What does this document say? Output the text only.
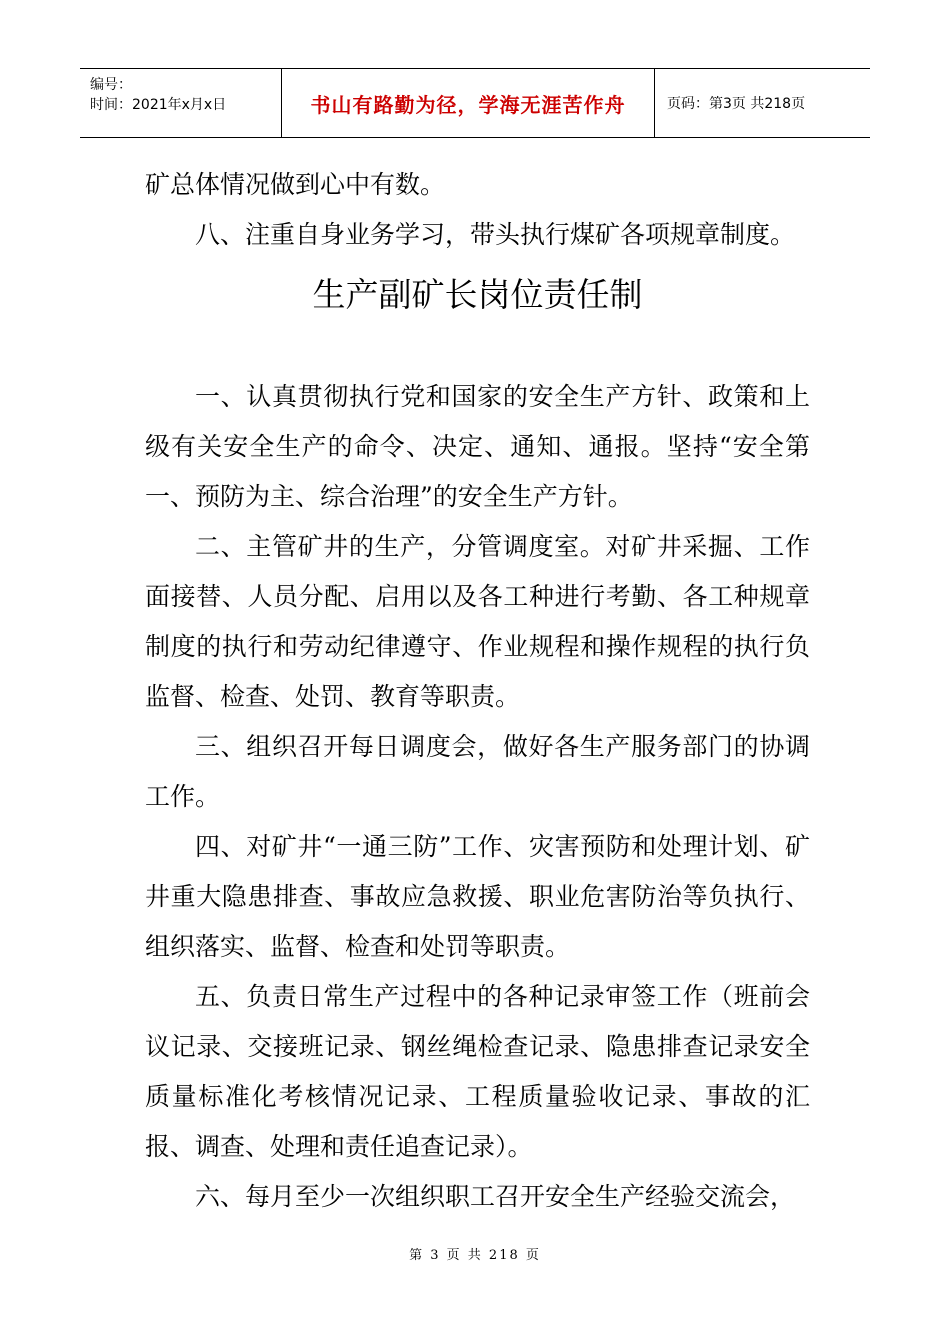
编号：
时间：2021年x月x日	书山有路勤为径，学海无涯苦作舟	页码：第3页 共218页

矿总体情况做到心中有数。

八、注重自身业务学习，带头执行煤矿各项规章制度。

生产副矿长岗位责任制

一、认真贯彻执行党和国家的安全生产方针、政策和上级有关安全生产的命令、决定、通知、通报。坚持“安全第一、预防为主、综合治理”的安全生产方针。

二、主管矿井的生产，分管调度室。对矿井采掘、工作面接替、人员分配、启用以及各工种进行考勤、各工种规章制度的执行和劳动纪律遵守、作业规程和操作规程的执行负监督、检查、处罚、教育等职责。

三、组织召开每日调度会，做好各生产服务部门的协调工作。

四、对矿井“一通三防”工作、灾害预防和处理计划、矿井重大隐患排查、事故应急救援、职业危害防治等负执行、组织落实、监督、检查和处罚等职责。

五、负责日常生产过程中的各种记录审签工作（班前会议记录、交接班记录、钢丝绳检查记录、隐患排查记录安全质量标准化考核情况记录、工程质量验收记录、事故的汇报、调查、处理和责任追查记录）。

六、每月至少一次组织职工召开安全生产经验交流会，

第 3 页 共 218 页
